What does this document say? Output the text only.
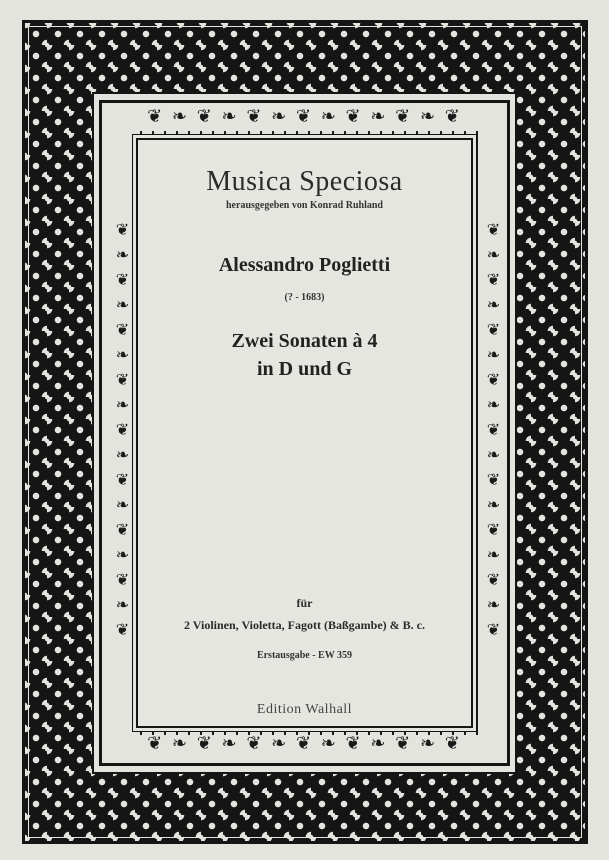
❦ ❧ ❦ ❧ ❦ ❧ ❦ ❧ ❦ ❧ ❦ ❧ ❦
❦ ❧ ❦ ❧ ❦ ❧ ❦ ❧ ❦ ❧ ❦ ❧ ❦
❦❧❦❧❦❧❦❧❦❧❦❧❦❧❦❧❦	❦❧❦❧❦❧❦❧❦❧❦❧❦❧❦❧❦
Musica Speciosa
herausgegeben von Konrad Ruhland
Alessandro Poglietti
(? - 1683)
Zwei Sonaten à 4
in D und G
für
2 Violinen, Violetta, Fagott (Baßgambe) & B. c.
Erstausgabe - EW 359
Edition Walhall
